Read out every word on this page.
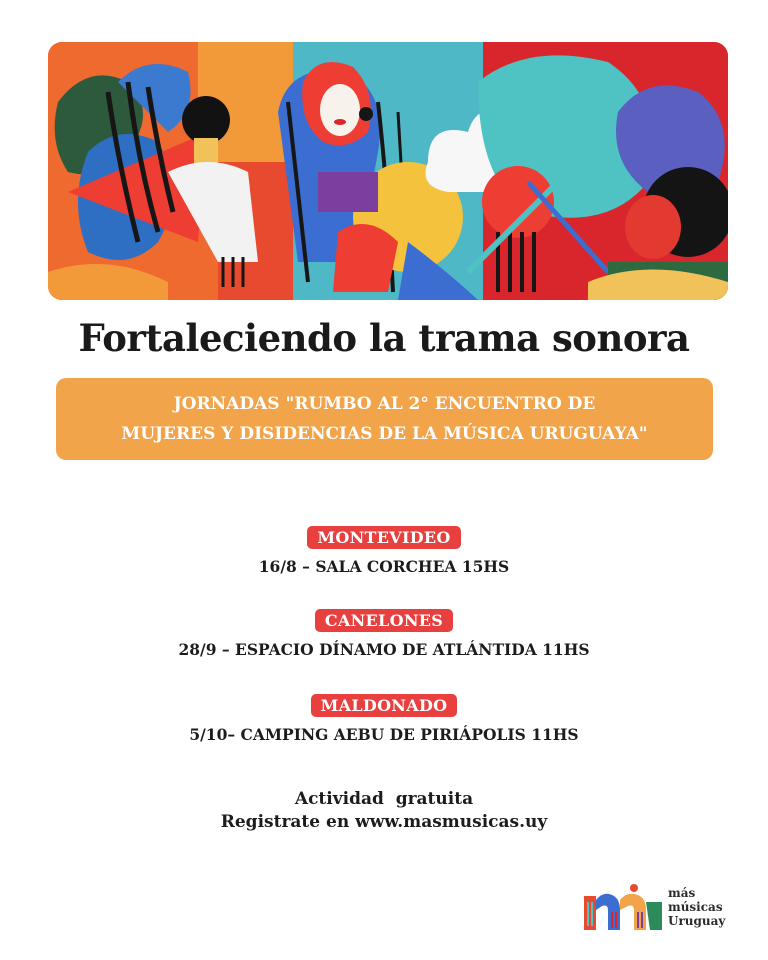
Fortaleciendo la trama sonora
JORNADAS "RUMBO AL 2° ENCUENTRO DE
MUJERES Y DISIDENCIAS DE LA MÚSICA URUGUAYA"
MONTEVIDEO
16/8 – SALA CORCHEA 15HS
CANELONES
28/9 – ESPACIO DÍNAMO DE ATLÁNTIDA 11HS
MALDONADO
5/10– CAMPING AEBU DE PIRIÁPOLIS 11HS
Actividad  gratuita
Registrate en www.masmusicas.uy
más
músicas
Uruguay
